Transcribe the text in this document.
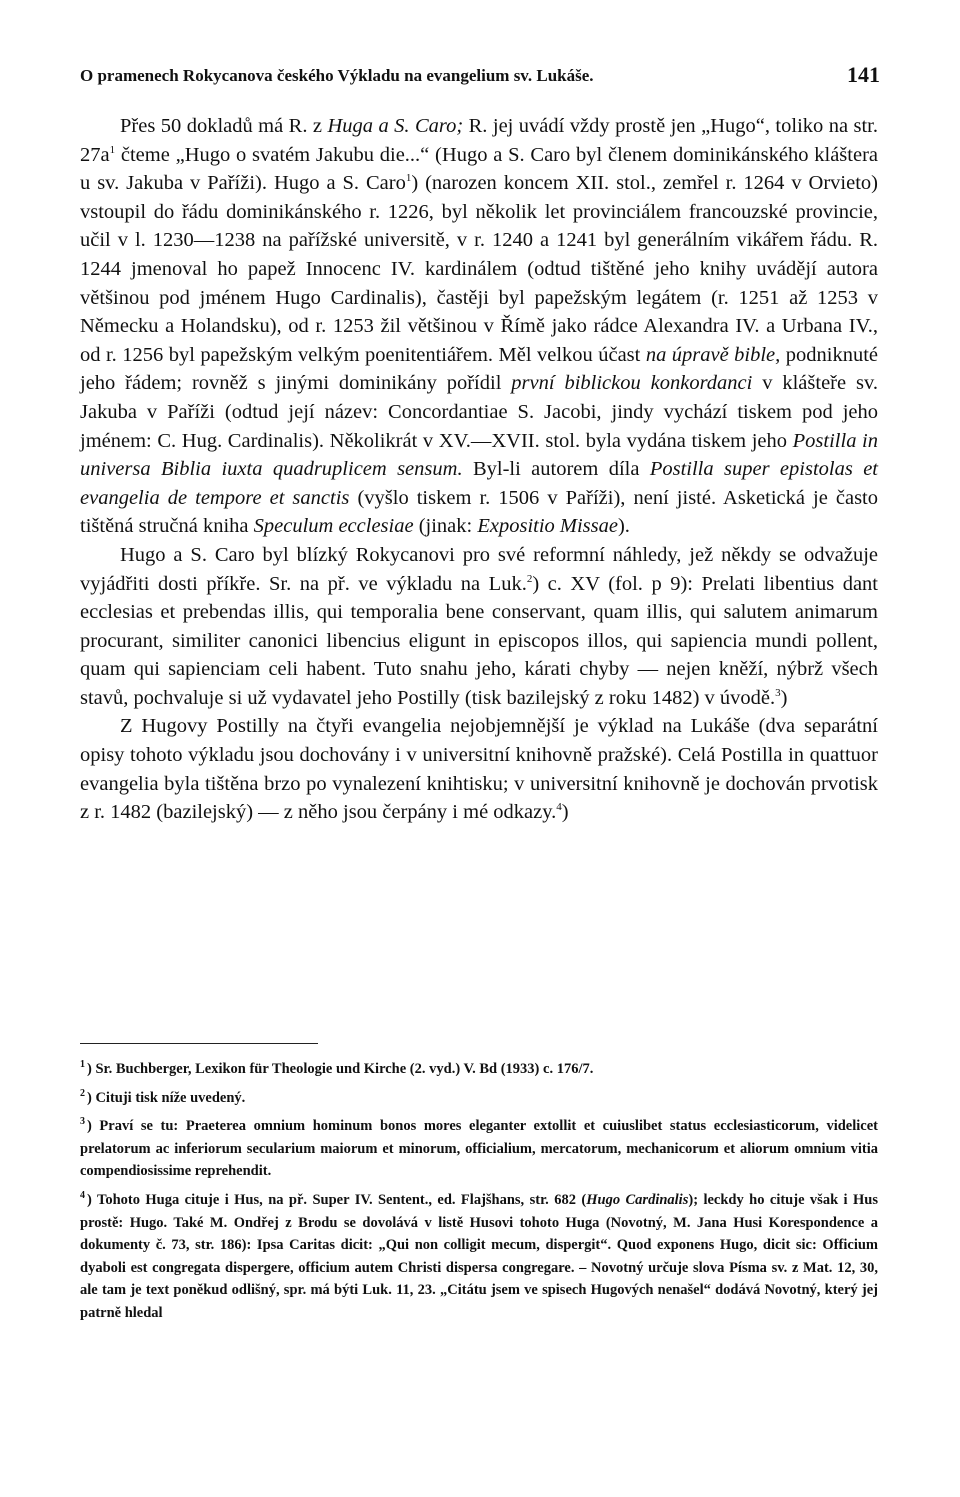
O pramenech Rokycanova českého Výkladu na evangelium sv. Lukáše.	141

Přes 50 dokladů má R. z Huga a S. Caro; R. jej uvádí vždy prostě jen „Hugo“, toliko na str. $27a^1$ čteme „Hugo o svatém Jakubu die...“ (Hugo a S. Caro byl členem dominikánského kláštera u sv. Jakuba v Paříži). Hugo a S. Caro$^1$) (narozen koncem XII. stol., zemřel r. 1264 v Orvieto) vstoupil do řádu dominikánského r. 1226, byl několik let provinciálem francouzské provincie, učil v l. 1230—1238 na pařížské universitě, v r. 1240 a 1241 byl generálním vikářem řádu. R. 1244 jmenoval ho papež Innocenc IV. kardinálem (odtud tištěné jeho knihy uvádějí autora většinou pod jménem Hugo Cardinalis), častěji byl papežským legátem (r. 1251 až 1253 v Německu a Holandsku), od r. 1253 žil většinou v Římě jako rádce Alexandra IV. a Urbana IV., od r. 1256 byl papežským velkým poenitentiářem. Měl velkou účast na úpravě bible, podniknuté jeho řádem; rovněž s jinými dominikány pořídil první biblickou konkordanci v klášteře sv. Jakuba v Paříži (odtud její název: Concordantiae S. Jacobi, jindy vychází tiskem pod jeho jménem: C. Hug. Cardinalis). Několikrát v XV.—XVII. stol. byla vydána tiskem jeho Postilla in universa Biblia iuxta quadruplicem sensum. Byl-li autorem díla Postilla super epistolas et evangelia de tempore et sanctis (vyšlo tiskem r. 1506 v Paříži), není jisté. Asketická je často tištěná stručná kniha Speculum ecclesiae (jinak: Expositio Missae).

Hugo a S. Caro byl blízký Rokycanovi pro své reformní náhledy, jež někdy se odvažuje vyjádřiti dosti příkře. Sr. na př. ve výkladu na Luk.$^2$) c. XV (fol. p 9): Prelati libentius dant ecclesias et prebendas illis, qui temporalia bene conservant, quam illis, qui salutem animarum procurant, similiter canonici libencius eligunt in episcopos illos, qui sapiencia mundi pollent, quam qui sapienciam celi habent. Tuto snahu jeho, kárati chyby — nejen kněží, nýbrž všech stavů, pochvaluje si už vydavatel jeho Postilly (tisk bazilejský z roku 1482) v úvodě.$^3$)

Z Hugovy Postilly na čtyři evangelia nejobjemnější je výklad na Lukáše (dva separátní opisy tohoto výkladu jsou dochovány i v universitní knihovně pražské). Celá Postilla in quattuor evangelia byla tištěna brzo po vynalezení knihtisku; v universitní knihovně je dochován prvotisk z r. 1482 (bazilejský) — z něho jsou čerpány i mé odkazy.$^4$)

$^1$ ) Sr. Buchberger, Lexikon für Theologie und Kirche (2. vyd.) V. Bd (1933) c. 176/7.

$^2$ ) Cituji tisk níže uvedený.

$^3$ ) Praví se tu: Praeterea omnium hominum bonos mores eleganter extollit et cuiuslibet status ecclesiasticorum, videlicet prelatorum ac inferiorum secularium maiorum et minorum, officialium, mercatorum, mechanicorum et aliorum omnium vitia compendiosissime reprehendit.

$^4$ ) Tohoto Huga cituje i Hus, na př. Super IV. Sentent., ed. Flajšhans, str. 682 (Hugo Cardinalis); leckdy ho cituje však i Hus prostě: Hugo. Také M. Ondřej z Brodu se dovolává v listě Husovi tohoto Huga (Novotný, M. Jana Husi Korespondence a dokumenty č. 73, str. 186): Ipsa Caritas dicit: „Qui non colligit mecum, dispergit“. Quod exponens Hugo, dicit sic: Officium dyaboli est congregata dispergere, officium autem Christi dispersa congregare. – Novotný určuje slova Písma sv. z Mat. 12, 30, ale tam je text poněkud odlišný, spr. má býti Luk. 11, 23. „Citátu jsem ve spisech Hugových nenašel“ dodává Novotný, který jej patrně hledal
